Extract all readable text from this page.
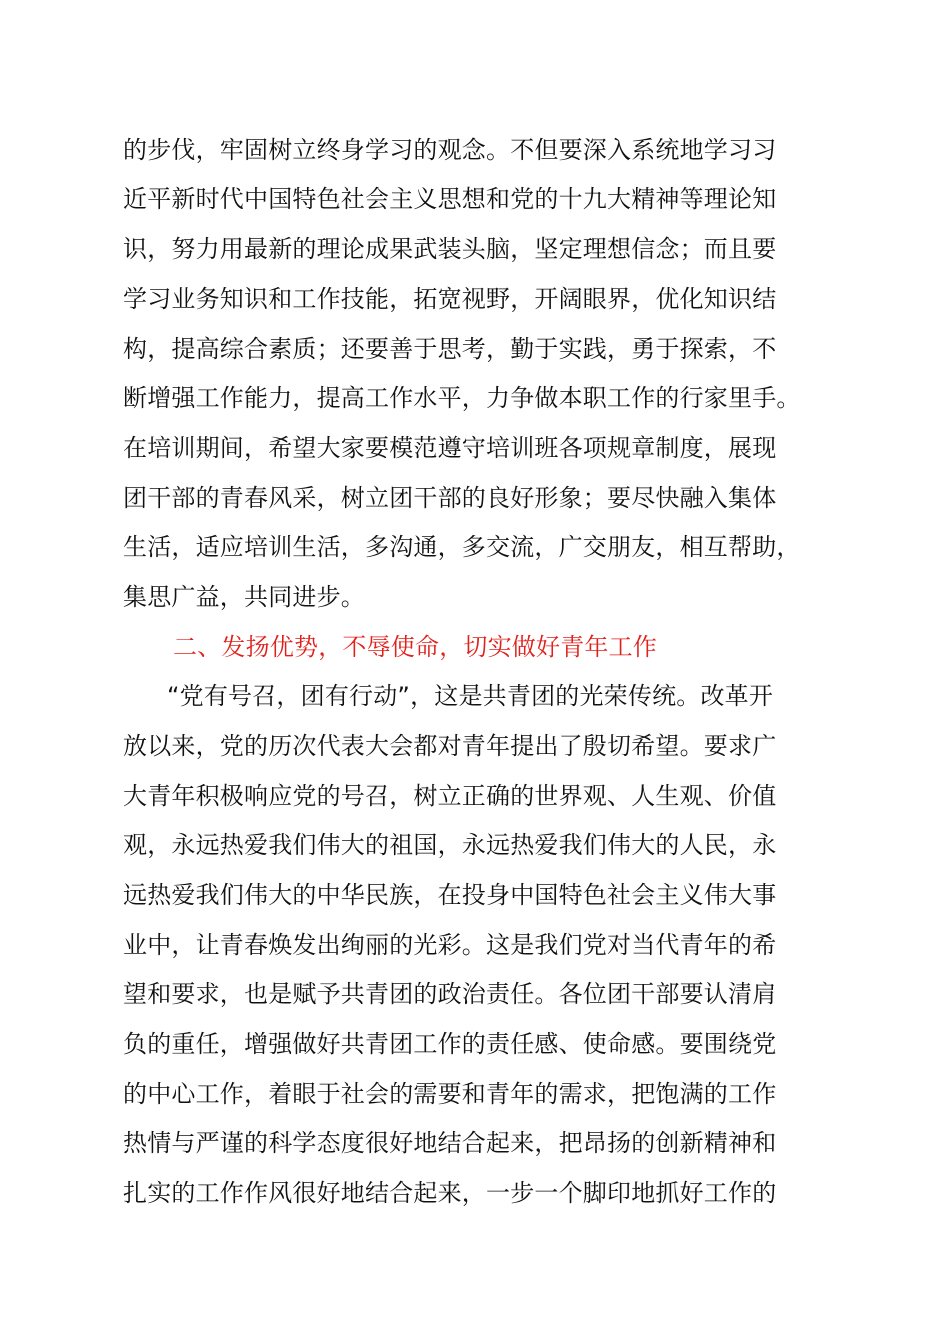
的步伐，牢固树立终身学习的观念。不但要深入系统地学习习
近平新时代中国特色社会主义思想和党的十九大精神等理论知
识，努力用最新的理论成果武装头脑，坚定理想信念；而且要
学习业务知识和工作技能，拓宽视野，开阔眼界，优化知识结
构，提高综合素质；还要善于思考，勤于实践，勇于探索，不
断增强工作能力，提高工作水平，力争做本职工作的行家里手。
在培训期间，希望大家要模范遵守培训班各项规章制度，展现
团干部的青春风采，树立团干部的良好形象；要尽快融入集体
生活，适应培训生活，多沟通，多交流，广交朋友，相互帮助，
集思广益，共同进步。
二、发扬优势，不辱使命，切实做好青年工作
“党有号召，团有行动”，这是共青团的光荣传统。改革开
放以来，党的历次代表大会都对青年提出了殷切希望。要求广
大青年积极响应党的号召，树立正确的世界观、人生观、价值
观，永远热爱我们伟大的祖国，永远热爱我们伟大的人民，永
远热爱我们伟大的中华民族，在投身中国特色社会主义伟大事
业中，让青春焕发出绚丽的光彩。这是我们党对当代青年的希
望和要求，也是赋予共青团的政治责任。各位团干部要认清肩
负的重任，增强做好共青团工作的责任感、使命感。要围绕党
的中心工作，着眼于社会的需要和青年的需求，把饱满的工作
热情与严谨的科学态度很好地结合起来，把昂扬的创新精神和
扎实的工作作风很好地结合起来，一步一个脚印地抓好工作的
